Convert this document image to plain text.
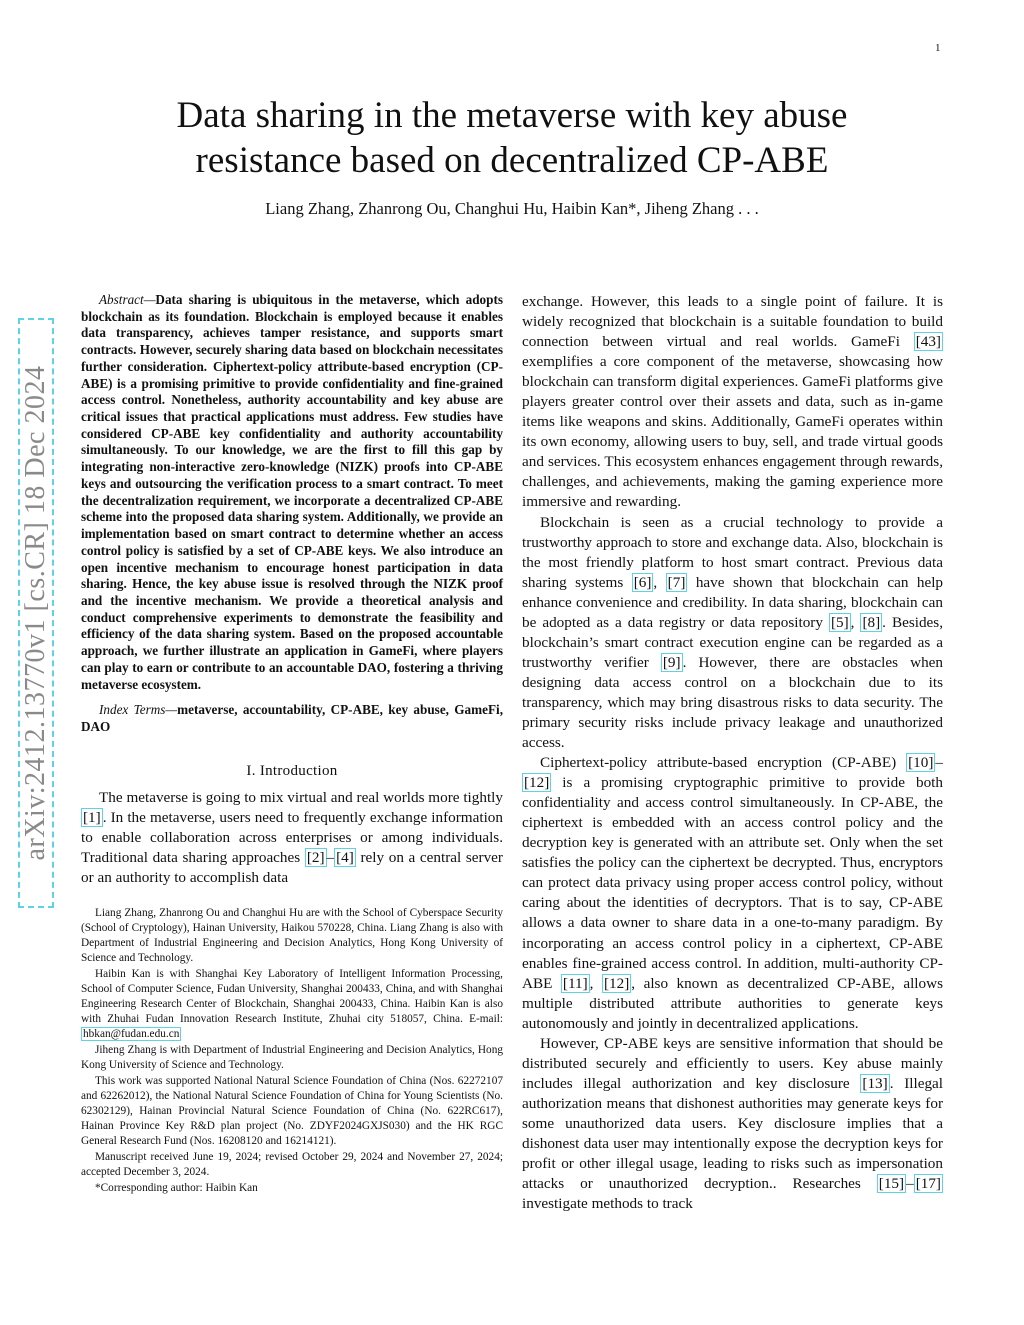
1
arXiv:2412.13770v1 [cs.CR] 18 Dec 2024
Data sharing in the metaverse with key abuse resistance based on decentralized CP-ABE
Liang Zhang, Zhanrong Ou, Changhui Hu, Haibin Kan*, Jiheng Zhang . . .

Abstract—Data sharing is ubiquitous in the metaverse, which adopts blockchain as its foundation. Blockchain is employed because it enables data transparency, achieves tamper resistance, and supports smart contracts. However, securely sharing data based on blockchain necessitates further consideration. Ciphertext-policy attribute-based encryption (CP-ABE) is a promising primitive to provide confidentiality and fine-grained access control. Nonetheless, authority accountability and key abuse are critical issues that practical applications must address. Few studies have considered CP-ABE key confidentiality and authority accountability simultaneously. To our knowledge, we are the first to fill this gap by integrating non-interactive zero-knowledge (NIZK) proofs into CP-ABE keys and outsourcing the verification process to a smart contract. To meet the decentralization requirement, we incorporate a decentralized CP-ABE scheme into the proposed data sharing system. Additionally, we provide an implementation based on smart contract to determine whether an access control policy is satisfied by a set of CP-ABE keys. We also introduce an open incentive mechanism to encourage honest participation in data sharing. Hence, the key abuse issue is resolved through the NIZK proof and the incentive mechanism. We provide a theoretical analysis and conduct comprehensive experiments to demonstrate the feasibility and efficiency of the data sharing system. Based on the proposed accountable approach, we further illustrate an application in GameFi, where players can play to earn or contribute to an accountable DAO, fostering a thriving metaverse ecosystem.

Index Terms—metaverse, accountability, CP-ABE, key abuse, GameFi, DAO

I. Introduction

The metaverse is going to mix virtual and real worlds more tightly [1] . In the metaverse, users need to frequently exchange information to enable collaboration across enterprises or among individuals. Traditional data sharing approaches [2] – [4] rely on a central server or an authority to accomplish data

Liang Zhang, Zhanrong Ou and Changhui Hu are with the School of Cyberspace Security (School of Cryptology), Hainan University, Haikou 570228, China. Liang Zhang is also with Department of Industrial Engineering and Decision Analytics, Hong Kong University of Science and Technology.

Haibin Kan is with Shanghai Key Laboratory of Intelligent Information Processing, School of Computer Science, Fudan University, Shanghai 200433, China, and with Shanghai Engineering Research Center of Blockchain, Shanghai 200433, China. Haibin Kan is also with Zhuhai Fudan Innovation Research Institute, Zhuhai city 518057, China. E-mail: hbkan@fudan.edu.cn

Jiheng Zhang is with Department of Industrial Engineering and Decision Analytics, Hong Kong University of Science and Technology.

This work was supported National Natural Science Foundation of China (Nos. 62272107 and 62262012), the National Natural Science Foundation of China for Young Scientists (No. 62302129), Hainan Provincial Natural Science Foundation of China (No. 622RC617), Hainan Province Key R&D plan project (No. ZDYF2024GXJS030) and the HK RGC General Research Fund (Nos. 16208120 and 16214121).

Manuscript received June 19, 2024; revised October 29, 2024 and November 27, 2024; accepted December 3, 2024.

*Corresponding author: Haibin Kan

exchange. However, this leads to a single point of failure. It is widely recognized that blockchain is a suitable foundation to build connection between virtual and real worlds. GameFi [43] exemplifies a core component of the metaverse, showcasing how blockchain can transform digital experiences. GameFi platforms give players greater control over their assets and data, such as in-game items like weapons and skins. Additionally, GameFi operates within its own economy, allowing users to buy, sell, and trade virtual goods and services. This ecosystem enhances engagement through rewards, challenges, and achievements, making the gaming experience more immersive and rewarding.

Blockchain is seen as a crucial technology to provide a trustworthy approach to store and exchange data. Also, blockchain is the most friendly platform to host smart contract. Previous data sharing systems [6] , [7] have shown that blockchain can help enhance convenience and credibility. In data sharing, blockchain can be adopted as a data registry or data repository [5] , [8] . Besides, blockchain’s smart contract execution engine can be regarded as a trustworthy verifier [9] . However, there are obstacles when designing data access control on a blockchain due to its transparency, which may bring disastrous risks to data security. The primary security risks include privacy leakage and unauthorized access.

Ciphertext-policy attribute-based encryption (CP-ABE) [10] –[12] is a promising cryptographic primitive to provide both confidentiality and access control simultaneously. In CP-ABE, the ciphertext is embedded with an access control policy and the decryption key is generated with an attribute set. Only when the set satisfies the policy can the ciphertext be decrypted. Thus, encryptors can protect data privacy using proper access control policy, without caring about the identities of decryptors. That is to say, CP-ABE allows a data owner to share data in a one-to-many paradigm. By incorporating an access control policy in a ciphertext, CP-ABE enables fine-grained access control. In addition, multi-authority CP-ABE [11] , [12] , also known as decentralized CP-ABE, allows multiple distributed attribute authorities to generate keys autonomously and jointly in decentralized applications.

However, CP-ABE keys are sensitive information that should be distributed securely and efficiently to users. Key abuse mainly includes illegal authorization and key disclosure [13] . Illegal authorization means that dishonest authorities may generate keys for some unauthorized data users. Key disclosure implies that a dishonest data user may intentionally expose the decryption keys for profit or other illegal usage, leading to risks such as impersonation attacks or unauthorized decryption.. Researches [15] – [17] investigate methods to track
